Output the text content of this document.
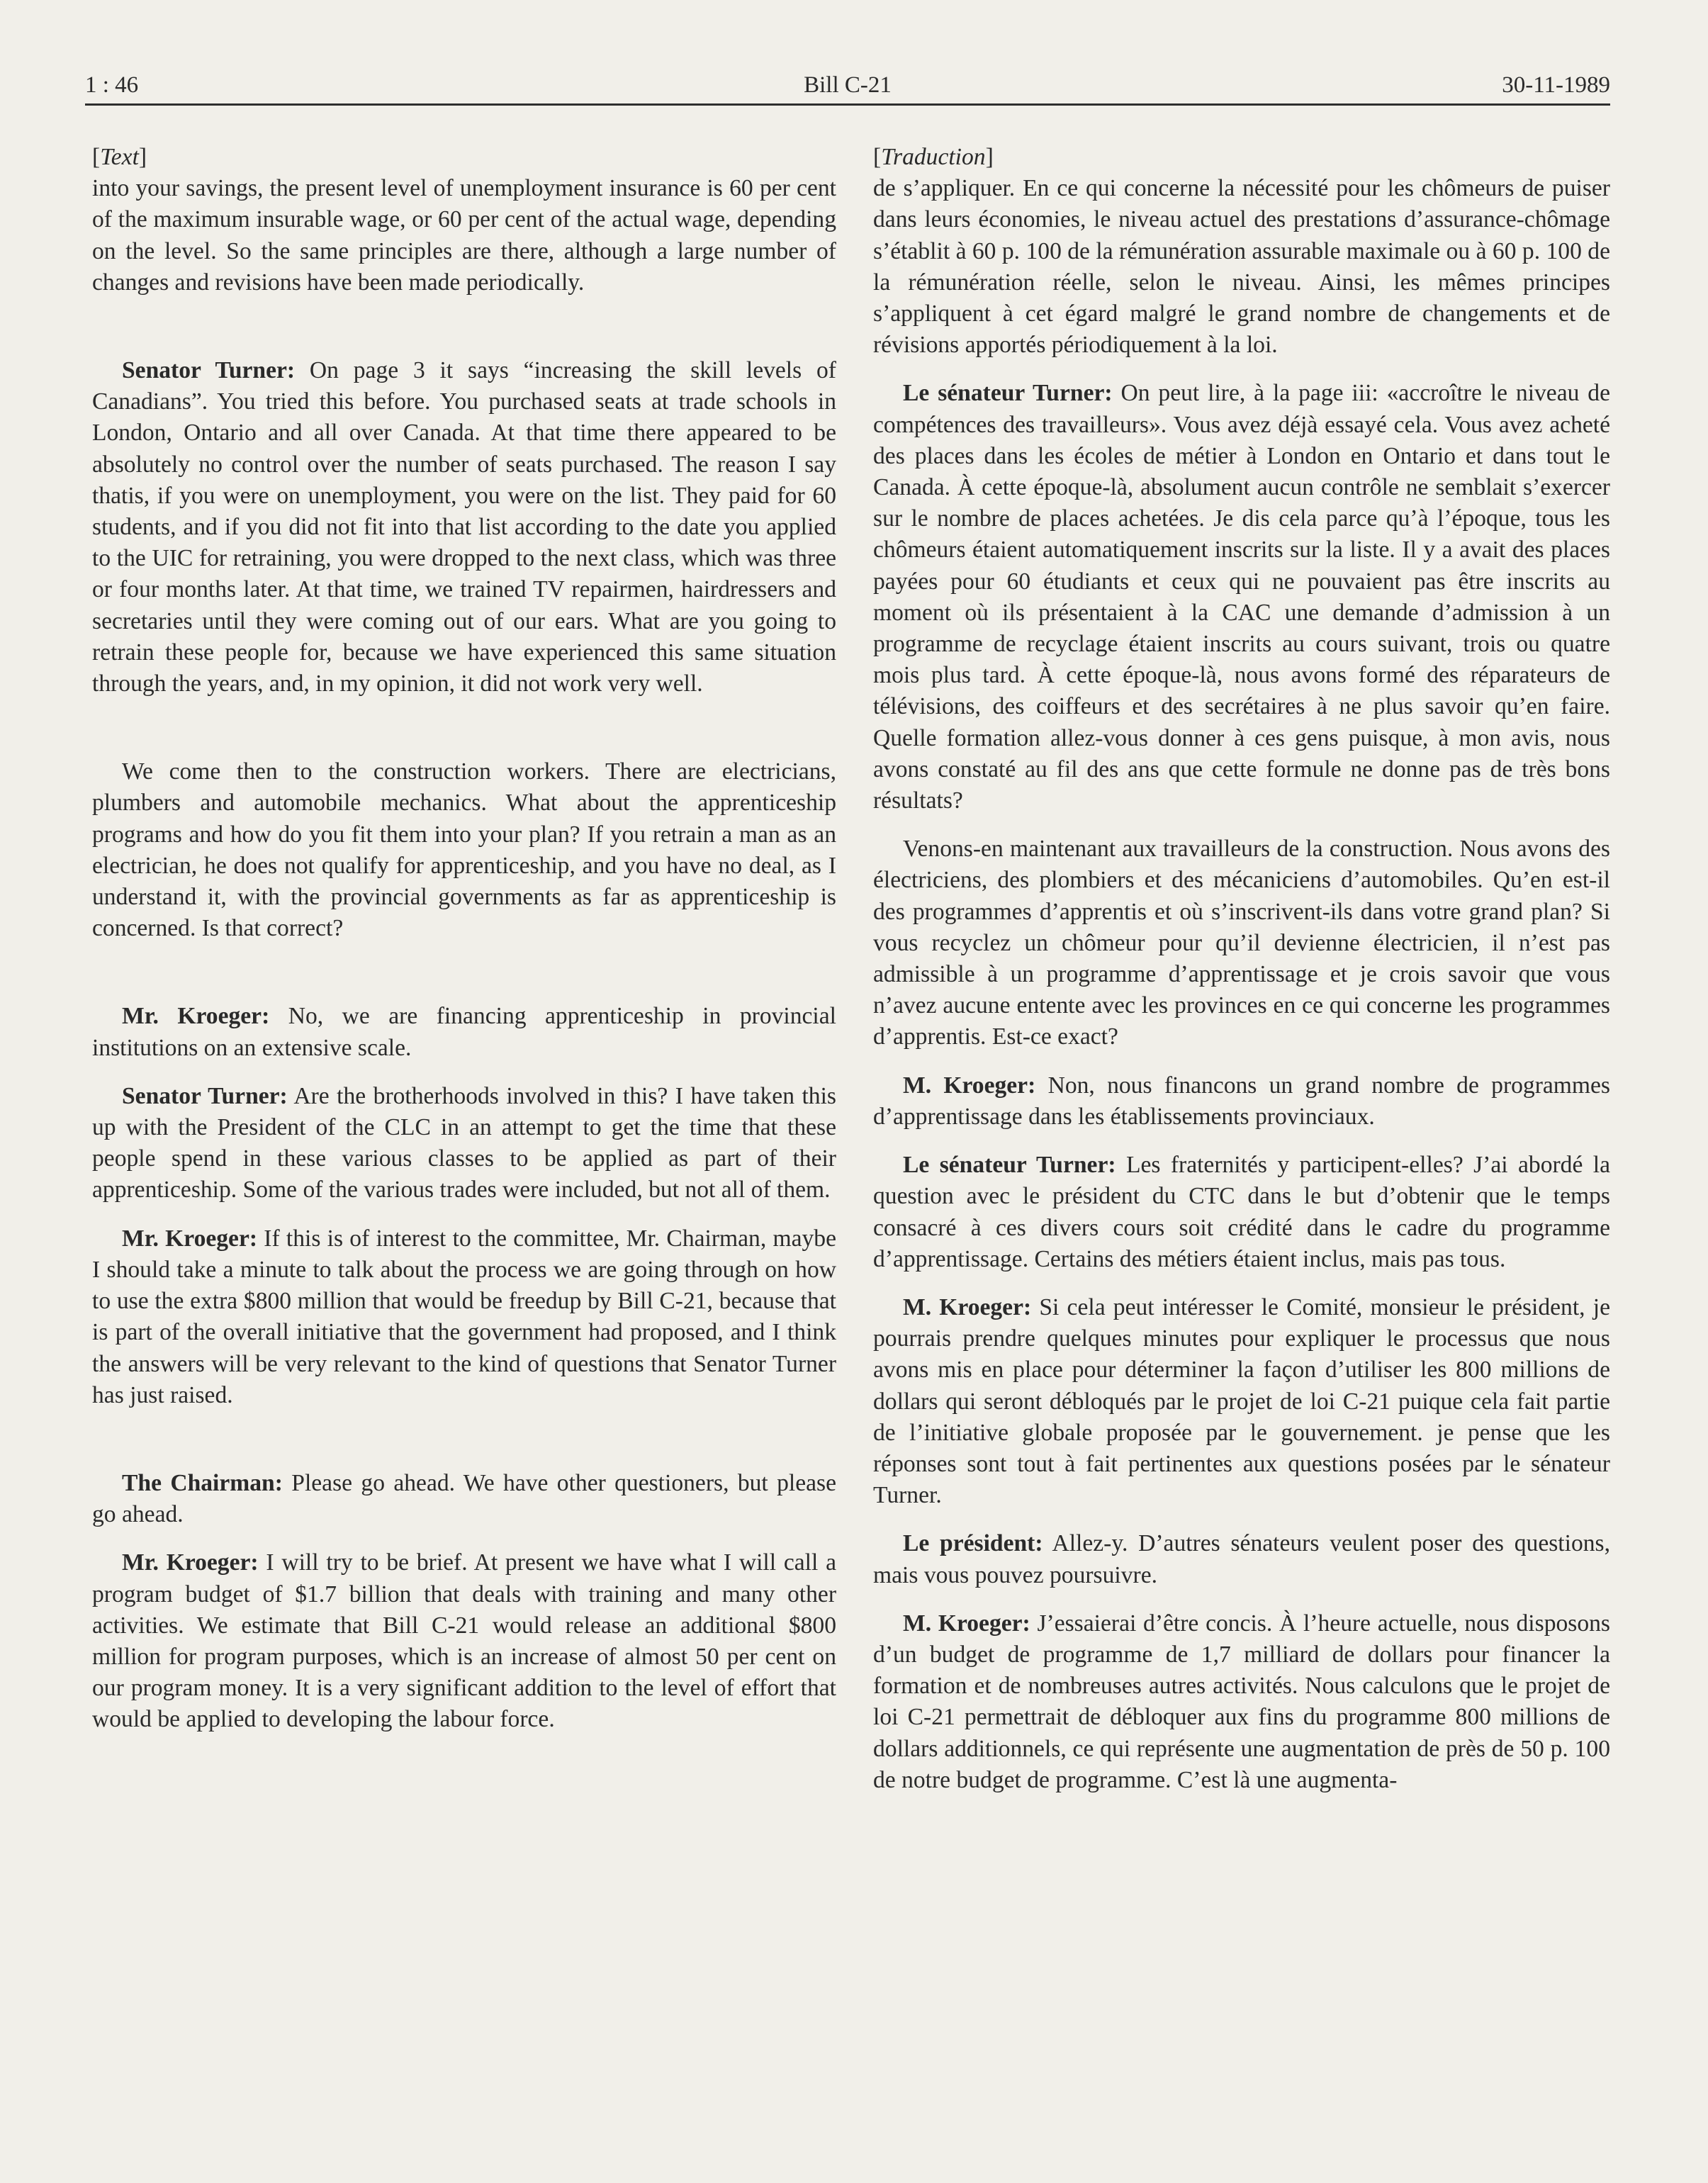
1 : 46	Bill C-21	30-11-1989

[Text]

into your savings, the present level of unemployment insurance is 60 per cent of the maximum insurable wage, or 60 per cent of the actual wage, depending on the level. So the same principles are there, although a large number of changes and revisions have been made periodically.

Senator Turner: On page 3 it says “increasing the skill levels of Canadians”. You tried this before. You purchased seats at trade schools in London, Ontario and all over Canada. At that time there appeared to be absolutely no control over the number of seats purchased. The reason I say thatis, if you were on unemployment, you were on the list. They paid for 60 students, and if you did not fit into that list according to the date you applied to the UIC for retraining, you were dropped to the next class, which was three or four months later. At that time, we trained TV repairmen, hairdressers and secretaries until they were coming out of our ears. What are you going to retrain these people for, because we have experienced this same situation through the years, and, in my opinion, it did not work very well.

We come then to the construction workers. There are electricians, plumbers and automobile mechanics. What about the apprenticeship programs and how do you fit them into your plan? If you retrain a man as an electrician, he does not qualify for apprenticeship, and you have no deal, as I understand it, with the provincial governments as far as apprenticeship is concerned. Is that correct?

Mr. Kroeger: No, we are financing apprenticeship in provincial institutions on an extensive scale.

Senator Turner: Are the brotherhoods involved in this? I have taken this up with the President of the CLC in an attempt to get the time that these people spend in these various classes to be applied as part of their apprenticeship. Some of the various trades were included, but not all of them.

Mr. Kroeger: If this is of interest to the committee, Mr. Chairman, maybe I should take a minute to talk about the process we are going through on how to use the extra $800 million that would be freedup by Bill C-21, because that is part of the overall initiative that the government had proposed, and I think the answers will be very relevant to the kind of questions that Senator Turner has just raised.

The Chairman: Please go ahead. We have other questioners, but please go ahead.

Mr. Kroeger: I will try to be brief. At present we have what I will call a program budget of $1.7 billion that deals with training and many other activities. We estimate that Bill C-21 would release an additional $800 million for program purposes, which is an increase of almost 50 per cent on our program money. It is a very significant addition to the level of effort that would be applied to developing the labour force.

[Traduction]

de s’appliquer. En ce qui concerne la nécessité pour les chômeurs de puiser dans leurs économies, le niveau actuel des prestations d’assurance-chômage s’établit à 60 p. 100 de la rémunération assurable maximale ou à 60 p. 100 de la rémunération réelle, selon le niveau. Ainsi, les mêmes principes s’appliquent à cet égard malgré le grand nombre de changements et de révisions apportés périodiquement à la loi.

Le sénateur Turner: On peut lire, à la page iii: «accroître le niveau de compétences des travailleurs». Vous avez déjà essayé cela. Vous avez acheté des places dans les écoles de métier à London en Ontario et dans tout le Canada. À cette époque-là, absolument aucun contrôle ne semblait s’exercer sur le nombre de places achetées. Je dis cela parce qu’à l’époque, tous les chômeurs étaient automatiquement inscrits sur la liste. Il y a avait des places payées pour 60 étudiants et ceux qui ne pouvaient pas être inscrits au moment où ils présentaient à la CAC une demande d’admission à un programme de recyclage étaient inscrits au cours suivant, trois ou quatre mois plus tard. À cette époque-là, nous avons formé des réparateurs de télévisions, des coiffeurs et des secrétaires à ne plus savoir qu’en faire. Quelle formation allez-vous donner à ces gens puisque, à mon avis, nous avons constaté au fil des ans que cette formule ne donne pas de très bons résultats?

Venons-en maintenant aux travailleurs de la construction. Nous avons des électriciens, des plombiers et des mécaniciens d’automobiles. Qu’en est-il des programmes d’apprentis et où s’inscrivent-ils dans votre grand plan? Si vous recyclez un chômeur pour qu’il devienne électricien, il n’est pas admissible à un programme d’apprentissage et je crois savoir que vous n’avez aucune entente avec les provinces en ce qui concerne les programmes d’apprentis. Est-ce exact?

M. Kroeger: Non, nous financons un grand nombre de programmes d’apprentissage dans les établissements provinciaux.

Le sénateur Turner: Les fraternités y participent-elles? J’ai abordé la question avec le président du CTC dans le but d’obtenir que le temps consacré à ces divers cours soit crédité dans le cadre du programme d’apprentissage. Certains des métiers étaient inclus, mais pas tous.

M. Kroeger: Si cela peut intéresser le Comité, monsieur le président, je pourrais prendre quelques minutes pour expliquer le processus que nous avons mis en place pour déterminer la façon d’utiliser les 800 millions de dollars qui seront débloqués par le projet de loi C-21 puique cela fait partie de l’initiative globale proposée par le gouvernement. je pense que les réponses sont tout à fait pertinentes aux questions posées par le sénateur Turner.

Le président: Allez-y. D’autres sénateurs veulent poser des questions, mais vous pouvez poursuivre.

M. Kroeger: J’essaierai d’être concis. À l’heure actuelle, nous disposons d’un budget de programme de 1,7 milliard de dollars pour financer la formation et de nombreuses autres activités. Nous calculons que le projet de loi C-21 permettrait de débloquer aux fins du programme 800 millions de dollars additionnels, ce qui représente une augmentation de près de 50 p. 100 de notre budget de programme. C’est là une augmenta-
